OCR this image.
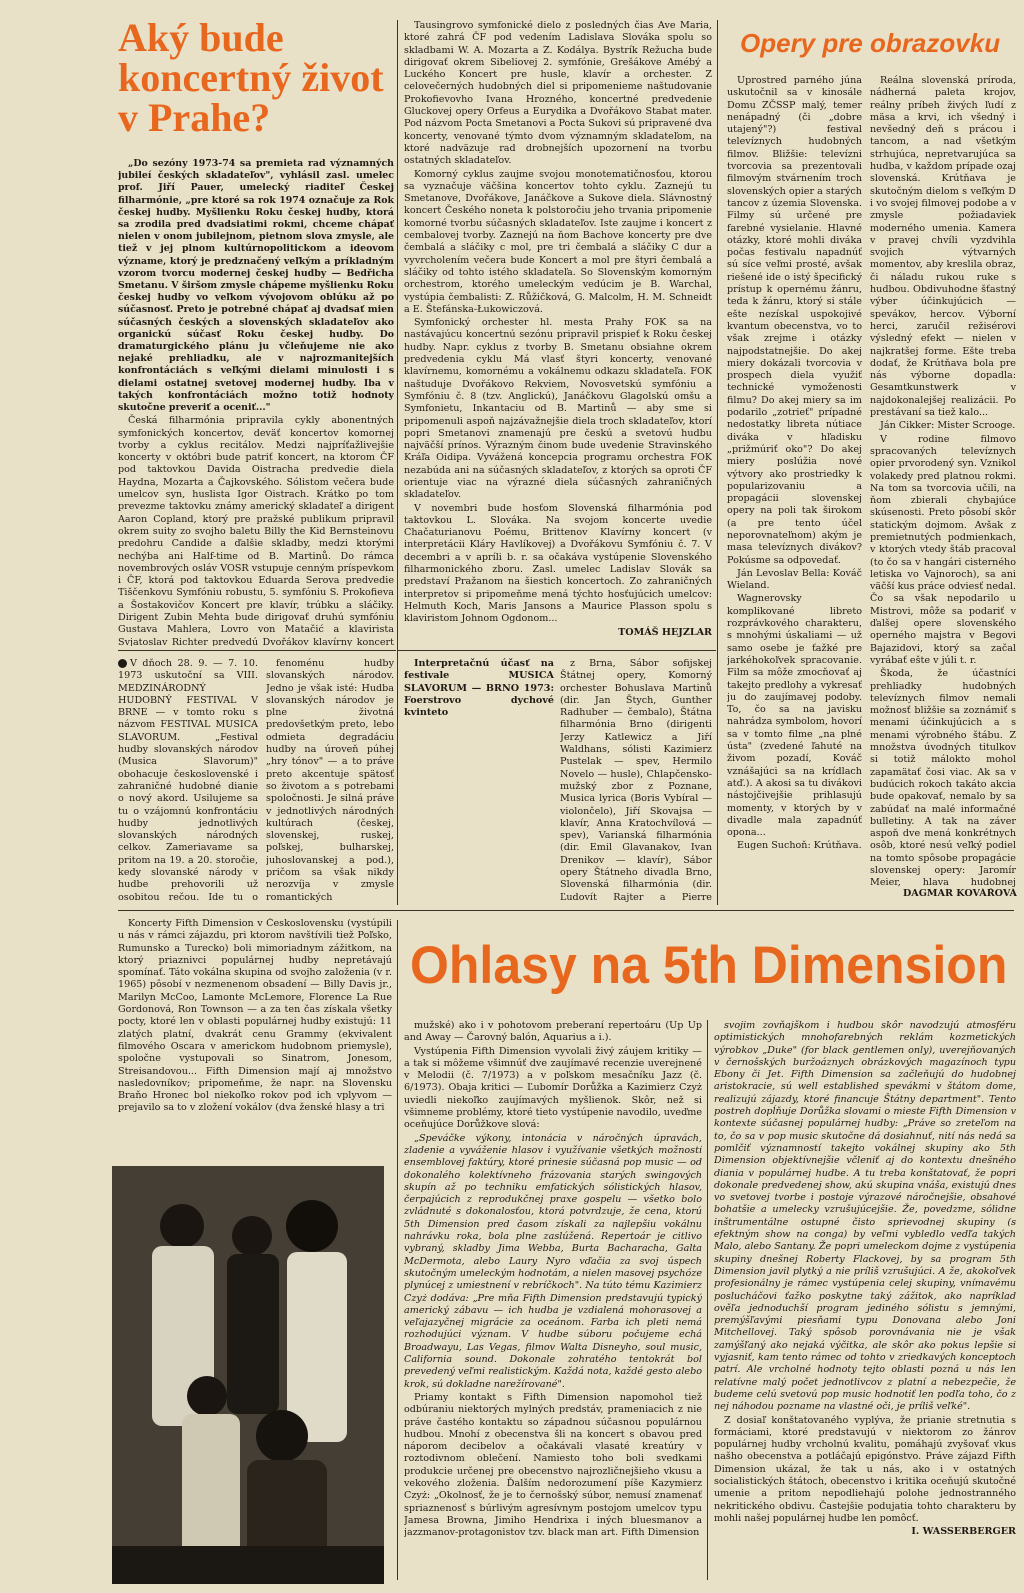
Aký bude koncertný život v Prahe?
Opery pre obrazovku
Ohlasy na 5th Dimension

„Do sezóny 1973-74 sa premieta rad významných jubileí českých skladateľov", vyhlásil zasl. umelec prof. Jiří Pauer, umelecký riaditeľ Českej filharmónie, „pre ktoré sa rok 1974 označuje za Rok českej hudby. Myšlienku Roku českej hudby, ktorá sa zrodila pred dvadsiatimi rokmi, chceme chápať nielen v onom jubilejnom, pietnom slova zmysle, ale tiež v jej plnom kultúrnopolitickom a ideovom význame, ktorý je predznačený veľkým a príkladným vzorom tvorcu modernej českej hudby — Bedřicha Smetanu. V širšom zmysle chápeme myšlienku Roku českej hudby vo veľkom vývojovom oblúku až po súčasnosť. Preto je potrebné chápať aj dvadsať mien súčasných českých a slovenských skladateľov ako organickú súčasť Roku českej hudby. Do dramaturgického plánu ju včleňujeme nie ako nejaké prehliadku, ale v najrozmanitejších konfrontáciách s veľkými dielami minulosti i s dielami ostatnej svetovej modernej hudby. Iba v takých konfrontáciách možno totiž hodnoty skutočne preveriť a oceniť..."

Česká filharmónia pripravila cykly abonentných symfonických koncertov, deväť koncertov komornej tvorby a cyklus recitálov. Medzi najpríťažlivejšie koncerty v októbri bude patriť koncert, na ktorom ČF pod taktovkou Davida Oistracha predvedie diela Haydna, Mozarta a Čajkovského. Sólistom večera bude umelcov syn, huslista Igor Oistrach. Krátko po tom prevezme taktovku známy americký skladateľ a dirigent Aaron Copland, ktorý pre pražské publikum pripravil okrem suity zo svojho baletu Billy the Kid Bernsteinovu predohru Candide a ďalšie skladby, medzi ktorými nechýba ani Half-time od B. Martinů. Do rámca novembrových osláv VOSR vstupuje cenným príspevkom i ČF, ktorá pod taktovkou Eduarda Serova predvedie Tiščenkovu Symfóniu robustu, 5. symfóniu S. Prokofieva a Šostakovičov Koncert pre klavír, trúbku a sláčiky. Dirigent Zubin Mehta bude dirigovať druhú symfóniu Gustava Mahlera, Lovro von Matačić a klavirista Svjatoslav Richter predvedú Dvořákov klavírny koncert

Tausingrovo symfonické dielo z posledných čias Ave Maria, ktoré zahrá ČF pod vedením Ladislava Slováka spolu so skladbami W. A. Mozarta a Z. Kodálya. Bystrík Režucha bude dirigovať okrem Sibeliovej 2. symfónie, Grešákove Amébý a Luckého Koncert pre husle, klavír a orchester. Z celovečerných hudobných diel si pripomenieme naštudovanie Prokofievovho Ivana Hrozného, koncertné predvedenie Gluckovej opery Orfeus a Eurydika a Dvořákovo Stabat mater. Pod názvom Pocta Smetanovi a Pocta Sukovi sú pripravené dva koncerty, venované týmto dvom významným skladateľom, na ktoré nadväzuje rad drobnejších upozornení na tvorbu ostatných skladateľov.

Komorný cyklus zaujme svojou monotematičnosťou, ktorou sa vyznačuje väčšina koncertov tohto cyklu. Zaznejú tu Smetanove, Dvořákove, Janáčkove a Sukove diela. Slávnostný koncert Českého noneta k polstoročiu jeho trvania pripomenie komorné tvorbu súčasných skladateľov. Iste zaujme i koncert z cembalovej tvorby. Zaznejú na ňom Bachove koncerty pre dve čembalá a sláčiky c mol, pre tri čembalá a sláčiky C dur a vyvrcholením večera bude Koncert a mol pre štyri čembalá a sláčiky od tohto istého skladateľa. So Slovenským komorným orchestrom, ktorého umeleckým vedúcim je B. Warchal, vystúpia čembalisti: Z. Růžičková, G. Malcolm, H. M. Schneidt a E. Štefánska-Łukowiczová.

Symfonický orchester hl. mesta Prahy FOK sa na nastávajúcu koncertnú sezónu pripravil prispieť k Roku českej hudby. Napr. cyklus z tvorby B. Smetanu obsiahne okrem predvedenia cyklu Má vlasť štyri koncerty, venované klavírnemu, komornému a vokálnemu odkazu skladateľa. FOK naštuduje Dvořákovo Rekviem, Novosvetskú symfóniu a Symfóniu č. 8 (tzv. Anglickú), Janáčkovu Glagolskú omšu a Symfonietu, Inkantaciu od B. Martinů — aby sme si pripomenuli aspoň najzávažnejšie diela troch skladateľov, ktorí popri Smetanovi znamenajú pre českú a svetovú hudbu najväčší prínos. Výrazným činom bude uvedenie Stravinského Kráľa Oidipa. Vyvážená koncepcia programu orchestra FOK nezabúda ani na súčasných skladateľov, z ktorých sa oproti ČF orientuje viac na výrazné diela súčasných zahraničných skladateľov.

V novembri bude hosťom Slovenská filharmónia pod taktovkou L. Slováka. Na svojom koncerte uvedie Chačaturianovu Poému, Brittenov Klavírny koncert (v interpretácii Kláry Havlíkovej) a Dvořákovu Symfóniu č. 7. V decembri a v apríli b. r. sa očakáva vystúpenie Slovenského filharmonického zboru. Zasl. umelec Ladislav Slovák sa predstaví Pražanom na šiestich koncertoch. Zo zahraničných interpretov si pripomeňme mená týchto hosťujúcich umelcov: Helmuth Koch, Maris Jansons a Maurice Plasson spolu s klaviristom Johnom Ogdonom...

TOMÁŠ HEJZLAR

Uprostred parného júna uskutočnil sa v kinosále Domu ZČSSP malý, temer nenápadný (či „dobre utajený"?) festival televíznych hudobných filmov. Bližšie: televízni tvorcovia sa prezentovali filmovým stvárnením troch slovenských opier a starých tancov z územia Slovenska. Filmy sú určené pre farebné vysielanie. Hlavné otázky, ktoré mohli diváka počas festivalu napadnúť sú síce veľmi prosté, avšak riešené ide o istý špecifický prístup k opernému žánru, teda k žánru, ktorý si stále ešte nezískal uspokojivé kvantum obecenstva, vo to však zrejme i otázky najpodstatnejšie. Do akej miery dokázali tvorcovia v prospech diela využiť technické vymoženosti filmu? Do akej miery sa im podarilo „zotrieť" prípadné nedostatky libreta nútiace diváka v hľadisku „prižmúriť oko"? Do akej miery poslúžia nové výtvory ako prostriedky k popularizovaniu a propagácii slovenskej opery na poli tak širokom (a pre tento účel neporovnateľnom) akým je masa televíznych divákov? Pokúsme sa odpovedať.

Ján Levoslav Bella: Kováč Wieland.

Wagnerovsky komplikované libreto rozprávkového charakteru, s mnohými úskaliami — už samo osebe je ťažké pre jarkéhokoľvek spracovanie. Film sa môže zmocňovať aj takejto predlohy a vykresať ju do zaujímavej podoby. To, čo sa na javisku nahrádza symbolom, hovorí sa v tomto filme „na plné ústa" (zvedené ľahuté na živom pozadí, Kováč vznášajúci sa na krídlach atď.). A akosi sa tu divákovi nástojčivejšie prihlasujú momenty, v ktorých by v divadle mala zapadnúť opona...

Eugen Suchoň: Krútňava.

Reálna slovenská príroda, nádherná paleta krojov, reálny príbeh živých ľudí z mäsa a krvi, ich všedný i nevšedný deň s prácou i tancom, a nad všetkým strhujúca, nepretvarujúca sa hudba, v každom prípade ozaj slovenská. Krútňava je skutočným dielom s veľkým D i vo svojej filmovej podobe a v zmysle požiadaviek modernéhо umenia. Kamera v pravej chvíli vyzdvihla svojich výtvarných momentov, aby kreslila obraz, či náladu rukou ruke s hudbou. Obdivuhodne šťastný výber účinkujúcich — spevákov, hercov. Výborní herci, zaručil režisérovi výsledný efekt — nielen v najkratšej forme. Ešte treba dodať, že Krútňava bola pre nás výborne dopadla: Gesamtkunstwerk v najdokonalejšej realizácii. Po prestávaní sa tiež kalo...

Ján Cikker: Mister Scrooge.

V rodine filmovo spracovaných televíznych opier prvorodený syn. Vznikol volakedy pred platnou rokmi. Na tom sa tvorcovia učili, na ňom zbierali chybajúce skúsenosti. Preto pôsobí skôr statickým dojmom. Avšak z premietnutých podmienkach, v ktorých vtedy štáb pracoval (to čo sa v hangári cisterného letiska vo Vajnoroch), sa ani väčší kus práce odviesť nedal. Čo sa však nepodarilo u Mistrovi, môže sa podariť v ďalšej opere slovenského operného majstra v Begovi Bajazidovi, ktorý sa začal vyrábať ešte v júli t. r.

Škoda, že účastníci prehliadky hudobných televíznych filmov nemali možnosť bližšie sa zoznámiť s menami účinkujúcich a s menami výrobného štábu. Z množstva úvodných titulkov si totiž málokto mohol zapamätať čosi viac. Ak sa v budúcich rokoch takáto akcia bude opakovať, nemalo by sa zabúdať na malé informačné bulletiny. A tak na záver aspoň dve mená konkrétnych osôb, ktoré nesú veľký podiel na tomto spôsobe propagácie slovenskej opery: Jaromír Meier, hlava hudobnej

DAGMAR KOVÁŘOVÁ

V dňoch 28. 9. — 7. 10. 1973 uskutoční sa VIII. MEDZINÁRODNÝ HUDOBNÝ FESTIVAL V BRNE — v tomto roku s názvom FESTIVAL MUSICA SLAVORUM. „Festival hudby slovanských národov (Musica Slavorum)" obohacuje československé i zahraničné hudobné dianie o nový akord. Usilujeme sa tu o vzájomnú konfrontáciu hudby jednotlivých slovanských národných celkov. Zameriavame sa pritom na 19. a 20. storočie, kedy slovanské národy v hudbe prehovorili už osobitou rečou. Ide tu o

fenoménu hudby slovanských národov. Jedno je však isté: Hudba slovanských národov je plne životná predovšetkým preto, lebo odmieta degradáciu hudby na úroveň púhej „hry tónov" — a to práve preto akcentuje spätosť so životom a s potrebami spoločnosti. Je silná práve v jednotlivých národných kultúrach (českej, slovenskej, ruskej, poľskej, bulharskej, juhoslovanskej a pod.), pričom sa však nikdy nerozvíja v zmysle romantických

Interpretačnú účasť na festivale MUSICA SLAVORUM — BRNO 1973: Foerstrovo dychové kvinteto

z Brna, Sábor sofijskej Štátnej opery, Komorný orchester Bohuslava Martinů (dir. Jan Štych, Gunther Radhuber — čembalo), Štátna filharmónia Brno (dirigenti Jerzy Katlewicz a Jiří Waldhans, sólisti Kazimierz Pustelak — spev, Hermilo Novelo — husle), Chlapčensko-mužský zbor z Poznane, Musica lyrica (Boris Vybíral — violončelo), Jiří Skovajsa — klavír, Anna Kratochvílová — spev), Varianská filharmónia (dir. Emil Glavanakov, Ivan Drenikov — klavír), Sábor opery Štátneho divadla Brno, Slovenská filharmónia (dir. Ľudovít Rajter a Pierre

Koncerty Fifth Dimension v Československu (vystúpili u nás v rámci zájazdu, pri ktorom navštívili tiež Poľsko, Rumunsko a Turecko) boli mimoriadnym zážitkom, na ktorý priaznivci populárnej hudby nepretávajú spomínať. Táto vokálna skupina od svojho založenia (v r. 1965) pôsobí v nezmenenom obsadení — Billy Davis jr., Marilyn McCoo, Lamonte McLemore, Florence La Rue Gordonová, Ron Townson — a za ten čas získala všetky pocty, ktoré len v oblasti populárnej hudby existujú: 11 zlatých platní, dvakrát cenu Grammy (ekvivalent filmového Oscara v americkom hudobnom priemysle), spoločne vystupovali so Sinatrom, Jonesom, Streisandovou... Fifth Dimension mají aj množstvo nasledovníkov; pripomeňme, že napr. na Slovensku Braňo Hronec bol niekoľko rokov pod ich vplyvom — prejavilo sa to v zložení vokálov (dva ženské hlasy a tri

mužské) ako i v pohotovom preberaní repertoáru (Up Up and Away — Čarovný balón, Aquarius a i.).

Vystúpenia Fifth Dimension vyvolali živý záujem kritiky — a tak si môžeme všimnúť dve zaujímavé recenzie uverejnené v Melodii (č. 7/1973) a v poľskom mesačníku Jazz (č. 6/1973). Obaja kritici — Ľubomír Dorůžka a Kazimierz Czyż uviedli niekoľko zaujímavých myšlienok. Skôr, než si všimneme problémy, ktoré tieto vystúpenie navodilo, uveďme oceňujúce Dorůžkove slová:

„Speváčke výkony, intonácia v náročných úpravách, zladenie a vyváženie hlasov i využívanie všetkých možností ensemblovej faktúry, ktoré prinesie súčasná pop music — od dokonalého kolektívneho frázovania starých swingových skupín až po techniku emfatických sólistických hlasov, čerpajúcich z reprodukčnej praxe gospelu — všetko bolo zvládnuté s dokonalosťou, ktorá potvrdzuje, že cena, ktorú 5th Dimension pred časom získali za najlepšiu vokálnu nahrávku roka, bola plne zaslúžená. Repertoár je citlivo vybraný, skladby Jima Webba, Burta Bacharacha, Galta McDermota, alebo Laury Nyro vďačia za svoj úspech skutočným umeleckým hodnotám, a nielen masovej psychóze plynúcej z umiestnení v rebríčkoch". Na túto tému Kazimierz Czyż dodáva: „Pre mňa Fifth Dimension predstavujú typický americký zábavu — ich hudba je vzdialená mohorasovej a veľajazyčnej migrácie za oceánom. Farba ich pleti nemá rozhodujúci význam. V hudbe súboru počujeme echá Broadwayu, Las Vegas, filmov Walta Disneyho, soul music, California sound. Dokonale zohratého tentokrát bol prevedený veľmi realistickým. Každá nota, každé gesto alebo krok, sú dokladne narežírované".

Priamy kontakt s Fifth Dimension napomohol tiež odbúraniu niektorých mylných predstáv, prameniacich z nie práve častého kontaktu so západnou súčasnou populárnou hudbou. Mnohí z obecenstva šli na koncert s obavou pred náporom decibelov a očakávali vlasaté kreatúry v roztodivnom oblečení. Namiesto toho boli svedkami produkcie určenej pre obecenstvo najrozličnejšieho vkusu a vekového zloženia. Ďalším nedorozumení píše Kazymierz Czyż: „Okolnosť, že je to černošský súbor, nemusí znamenať spriaznenosť s búrlivým agresívnym postojom umelcov typu Jamesa Browna, Jimiho Hendrixa i iných bluesmanov a jazzmanov-protagonistov tzv. black man art. Fifth Dimension

svojim zovňajškom i hudbou skôr navodzujú atmosféru optimistických mnohofarebných reklám kozmetických výrobkov „Duke" (for black gentlemen only), uverejňovaných v černošských buržoáznych obrázkových magazínoch typu Ebony či Jet. Fifth Dimension sa začleňujú do hudobnej aristokracie, sú well established spevákmi v štátom dome, realizujú zájazdy, ktoré financuje Štátny department". Tento postreh dopĺňuje Dorůžka slovami o mieste Fifth Dimension v kontexte súčasnej populárnej hudby: „Práve so zreteľom na to, čo sa v pop music skutočne dá dosiahnuť, nití nás nedá sa pomlčiť významností takejto vokálnej skupiny ako 5th Dimension objektívnejšie včleniť aj do kontextu dnešného diania v populárnej hudbe. A tu treba konštatovať, že popri dokonale predvedenej show, akú skupina vnáša, existujú dnes vo svetovej tvorbe i postoje výrazové náročnejšie, obsahové bohatšie a umelecky vzrušujúcejšie. Že, povedzme, sólidne inštrumentálne ostupné čisto sprievodnej skupiny (s efektným show na conga) by veľmi vybledlo vedľa takých Malo, alebo Santany. Že popri umeleckom dojme z vystúpenia skupiny dnešnej Roberty Flackovej, by sa program 5th Dimension javil plytký a nie príliš vzrušujúci. A že, akokoľvek profesionálny je rámec vystúpenia celej skupiny, vnímavému poslucháčovi ťažko poskytne taký zážitok, ako napríklad ověľa jednoduchší program jediného sólistu s jemnými, premýšľavými piesňami typu Donovana alebo Joni Mitchellovej. Taký spôsob porovnávania nie je však zamýšľaný ako nejaká výčitka, ale skôr ako pokus lepšie si vyjasniť, kam tento rámec od tohto v zriedkavých konceptoch patrí. Ale vrcholné hodnoty tejto oblasti pozná u nás len relatívne malý počet jednotlivcov z platní a nebezpečie, že budeme celú svetovú pop music hodnotiť len podľa toho, čo z nej náhodou pozname na vlastné oči, je príliš veľké".

Z dosiaľ konštatovaného vyplýva, že prianie stretnutia s formáciami, ktoré predstavujú v niektorom zo žánrov populárnej hudby vrcholnú kvalitu, pomáhajú zvyšovať vkus našho obecenstva a potláčajú epigónstvo. Práve zájazd Fifth Dimension ukázal, že tak u nás, ako i v ostatných socialistických štátoch, obecenstvo i kritika oceňujú skutočné umenie a pritom nepodliehajú polohe jednostranného nekritického obdivu. Častejšie podujatia tohto charakteru by mohli našej populárnej hudbe len pomôcť.

I. WASSERBERGER
